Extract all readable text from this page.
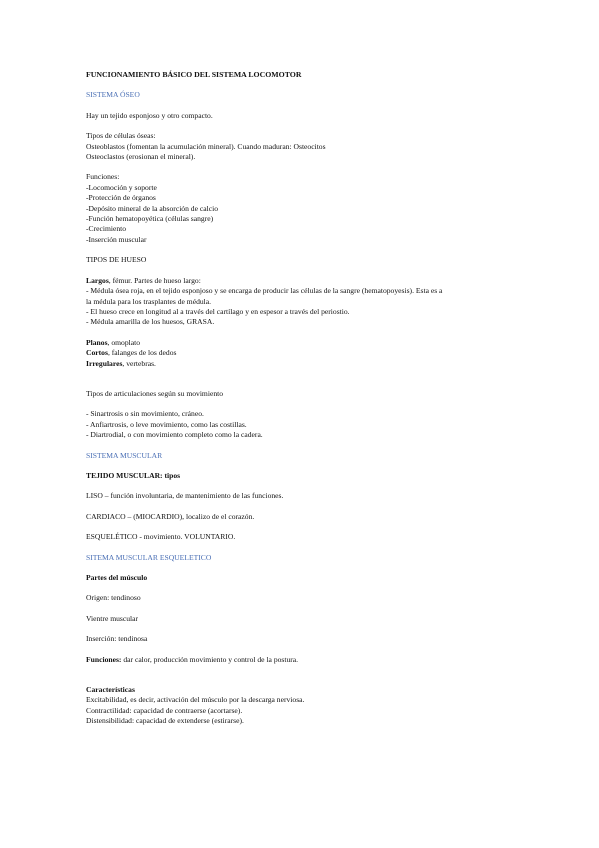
FUNCIONAMIENTO BÁSICO DEL SISTEMA LOCOMOTOR

SISTEMA ÓSEO

Hay un tejido esponjoso y otro compacto.

Tipos de células óseas:

Osteoblastos (fomentan la acumulación mineral). Cuando maduran: Osteocitos

Osteoclastos (erosionan el mineral).

Funciones:

-Locomoción y soporte

-Protección de órganos

-Depósito mineral de la absorción de calcio

-Función hematopoyética (células sangre)

-Crecimiento

-Inserción muscular

TIPOS DE HUESO

Largos, fémur. Partes de hueso largo:

- Médula ósea roja, en el tejido esponjoso y se encarga de producir las células de la sangre (hematopoyesis). Esta es a

la médula para los trasplantes de médula.

- El hueso crece en longitud al a través del cartílago y en espesor a través del periostio.

- Médula amarilla de los huesos, GRASA.

Planos, omoplato

Cortos, falanges de los dedos

Irregulares, vertebras.

Tipos de articulaciones según su movimiento

- Sinartrosis o sin movimiento, cráneo.

- Anfiartrosis, o leve movimiento, como las costillas.

- Diartrodial, o con movimiento completo como la cadera.

SISTEMA MUSCULAR

TEJIDO MUSCULAR: tipos

LISO – función involuntaria, de mantenimiento de las funciones.

CARDIACO – (MIOCARDIO), localizo de el corazón.

ESQUELÉTICO - movimiento. VOLUNTARIO.

SITEMA MUSCULAR ESQUELETICO

Partes del músculo

Origen: tendinoso

Vientre muscular

Inserción: tendinosa

Funciones: dar calor, producción movimiento y control de la postura.

Características

Excitabilidad, es decir, activación del músculo por la descarga nerviosa.

Contractilidad: capacidad de contraerse (acortarse).

Distensibilidad: capacidad de extenderse (estirarse).
